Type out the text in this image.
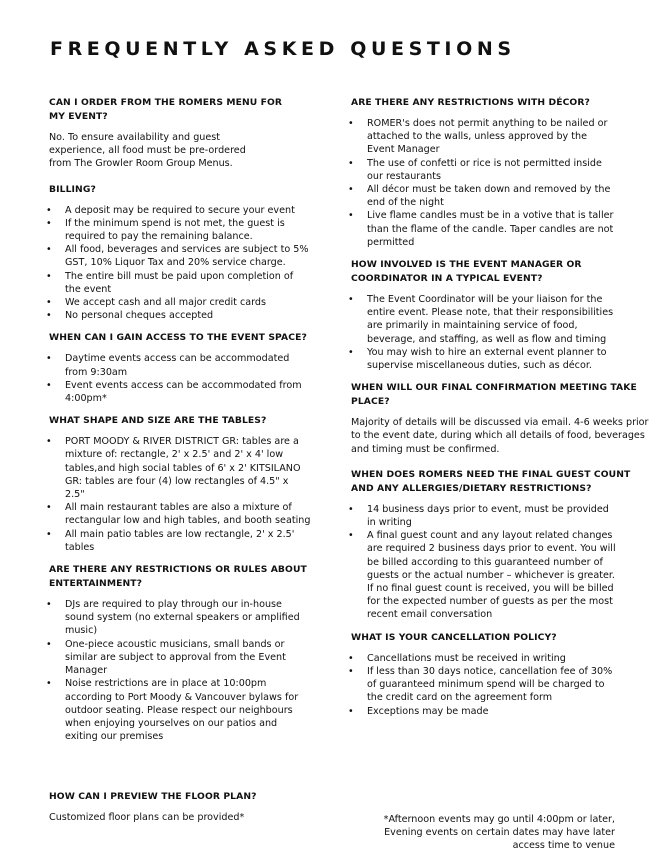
FREQUENTLY ASKED QUESTIONS

CAN I ORDER FROM THE ROMERS MENU FOR MY EVENT?

No. To ensure availability and guest experience, all food must be pre-ordered from The Growler Room Group Menus.

BILLING?

• A deposit may be required to secure your event
• If the minimum spend is not met, the guest is required to pay the remaining balance.
• All food, beverages and services are subject to 5% GST, 10% Liquor Tax and 20% service charge.
• The entire bill must be paid upon completion of the event
• We accept cash and all major credit cards
• No personal cheques accepted

WHEN CAN I GAIN ACCESS TO THE EVENT SPACE?

• Daytime events access can be accommodated from 9:30am
• Event events access can be accommodated from 4:00pm*

WHAT SHAPE AND SIZE ARE THE TABLES?

• PORT MOODY & RIVER DISTRICT GR: tables are a mixture of: rectangle, 2' x 2.5' and 2' x 4' low tables,and high social tables of 6' x 2' KITSILANO GR: tables are four (4) low rectangles of 4.5" x 2.5"
• All main restaurant tables are also a mixture of rectangular low and high tables, and booth seating
• All main patio tables are low rectangle, 2' x 2.5' tables

ARE THERE ANY RESTRICTIONS OR RULES ABOUT ENTERTAINMENT?

• DJs are required to play through our in-house sound system (no external speakers or amplified music)
• One-piece acoustic musicians, small bands or similar are subject to approval from the Event Manager
• Noise restrictions are in place at 10:00pm according to Port Moody & Vancouver bylaws for outdoor seating. Please respect our neighbours when enjoying yourselves on our patios and exiting our premises

HOW CAN I PREVIEW THE FLOOR PLAN?

Customized floor plans can be provided*

ARE THERE ANY RESTRICTIONS WITH DÉCOR?

• ROMER's does not permit anything to be nailed or attached to the walls, unless approved by the Event Manager
• The use of confetti or rice is not permitted inside our restaurants
• All décor must be taken down and removed by the end of the night
• Live flame candles must be in a votive that is taller than the flame of the candle. Taper candles are not permitted

HOW INVOLVED IS THE EVENT MANAGER OR COORDINATOR IN A TYPICAL EVENT?

• The Event Coordinator will be your liaison for the entire event. Please note, that their responsibilities are primarily in maintaining service of food, beverage, and staffing, as well as flow and timing
• You may wish to hire an external event planner to supervise miscellaneous duties, such as décor.

WHEN WILL OUR FINAL CONFIRMATION MEETING TAKE PLACE?

Majority of details will be discussed via email. 4-6 weeks prior to the event date, during which all details of food, beverages and timing must be confirmed.

WHEN DOES ROMERS NEED THE FINAL GUEST COUNT AND ANY ALLERGIES/DIETARY RESTRICTIONS?

• 14 business days prior to event, must be provided in writing
• A final guest count and any layout related changes are required 2 business days prior to event. You will be billed according to this guaranteed number of guests or the actual number – whichever is greater. If no final guest count is received, you will be billed for the expected number of guests as per the most recent email conversation

WHAT IS YOUR CANCELLATION POLICY?

• Cancellations must be received in writing
• If less than 30 days notice, cancellation fee of 30% of guaranteed minimum spend will be charged to the credit card on the agreement form
• Exceptions may be made

*Afternoon events may go until 4:00pm or later, Evening events on certain dates may have later access time to venue
